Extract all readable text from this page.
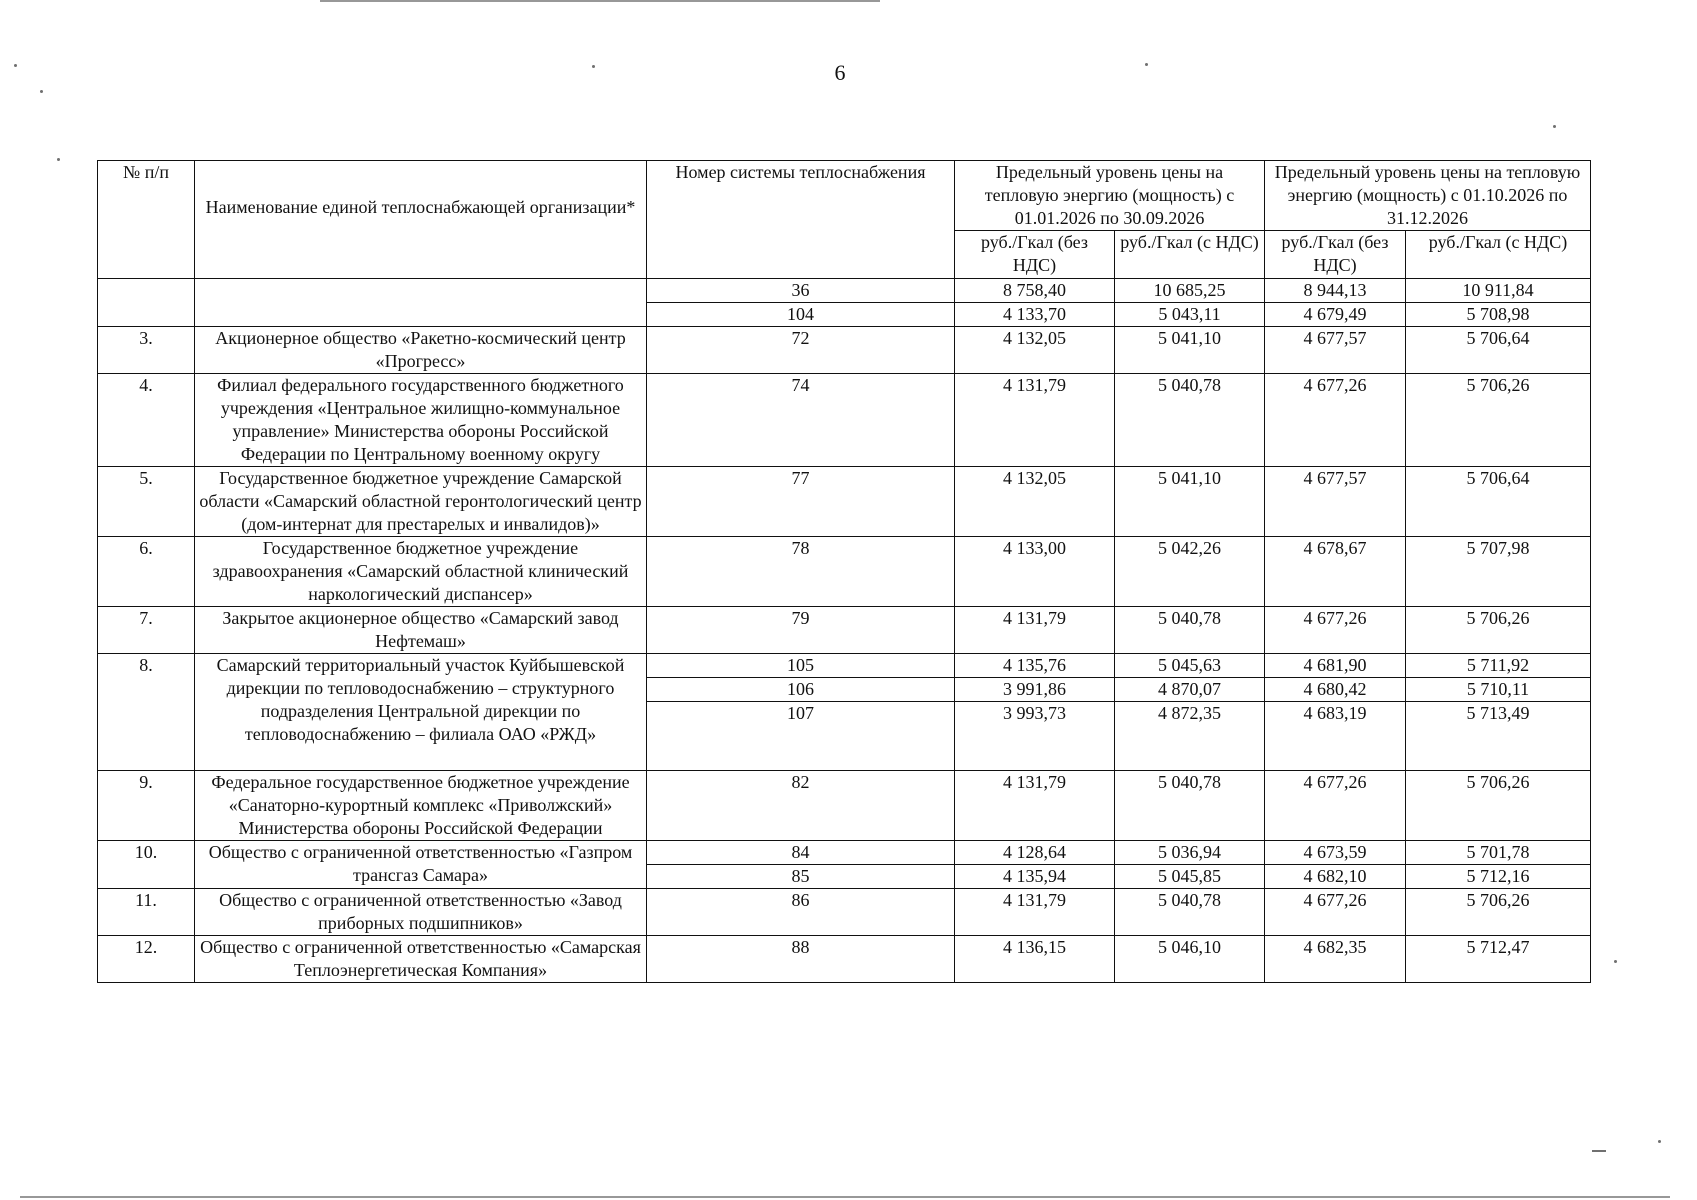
6
№ п/п	Наименование единой теплоснабжающей организации*	Номер системы теплоснабжения	Предельный уровень цены на тепловую энергию (мощность) с 01.01.2026 по 30.09.2026		Предельный уровень цены на тепловую энергию (мощность) с 01.10.2026 по 31.12.2026	
			руб./Гкал (без НДС)	руб./Гкал (с НДС)	руб./Гкал (без НДС)	руб./Гкал (с НДС)
		36	8 758,40	10 685,25	8 944,13	10 911,84
		104	4 133,70	5 043,11	4 679,49	5 708,98
3.	Акционерное общество «Ракетно-космический центр «Прогресс»	72	4 132,05	5 041,10	4 677,57	5 706,64
4.	Филиал федерального государственного бюджетного учреждения «Центральное жилищно-коммунальное управление» Министерства обороны Российской Федерации по Центральному военному округу	74	4 131,79	5 040,78	4 677,26	5 706,26
5.	Государственное бюджетное учреждение Самарской области «Самарский областной геронтологический центр (дом-интернат для престарелых и инвалидов)»	77	4 132,05	5 041,10	4 677,57	5 706,64
6.	Государственное бюджетное учреждение здравоохранения «Самарский областной клинический наркологический диспансер»	78	4 133,00	5 042,26	4 678,67	5 707,98
7.	Закрытое акционерное общество «Самарский завод Нефтемаш»	79	4 131,79	5 040,78	4 677,26	5 706,26
8.	Самарский территориальный участок Куйбышевской дирекции по тепловодоснабжению – структурного подразделения Центральной дирекции по тепловодоснабжению – филиала ОАО «РЖД»	105	4 135,76	5 045,63	4 681,90	5 711,92
		106	3 991,86	4 870,07	4 680,42	5 710,11
		107	3 993,73	4 872,35	4 683,19	5 713,49
9.	Федеральное государственное бюджетное учреждение «Санаторно-курортный комплекс «Приволжский» Министерства обороны Российской Федерации	82	4 131,79	5 040,78	4 677,26	5 706,26
10.	Общество с ограниченной ответственностью «Газпром трансгаз Самара»	84	4 128,64	5 036,94	4 673,59	5 701,78
		85	4 135,94	5 045,85	4 682,10	5 712,16
11.	Общество с ограниченной ответственностью «Завод приборных подшипников»	86	4 131,79	5 040,78	4 677,26	5 706,26
12.	Общество с ограниченной ответственностью «Самарская Теплоэнергетическая Компания»	88	4 136,15	5 046,10	4 682,35	5 712,47
